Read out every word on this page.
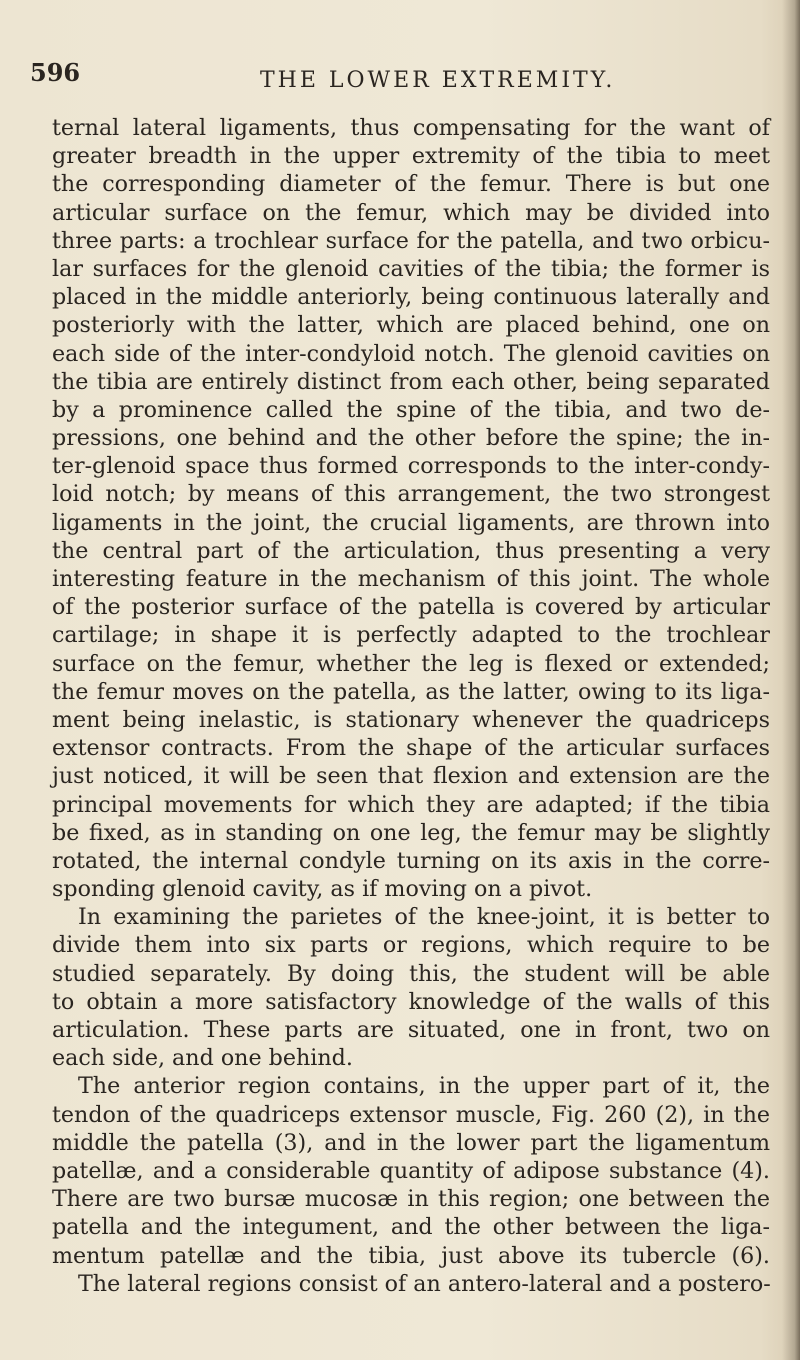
596	THE LOWER EXTREMITY.
ternal lateral ligaments, thus compensating for the want of
greater breadth in the upper extremity of the tibia to meet
the corresponding diameter of the femur. There is but one
articular surface on the femur, which may be divided into
three parts: a trochlear surface for the patella, and two orbicu-
lar surfaces for the glenoid cavities of the tibia; the former is
placed in the middle anteriorly, being continuous laterally and
posteriorly with the latter, which are placed behind, one on
each side of the inter-condyloid notch. The glenoid cavities on
the tibia are entirely distinct from each other, being separated
by a prominence called the spine of the tibia, and two de-
pressions, one behind and the other before the spine; the in-
ter-glenoid space thus formed corresponds to the inter-condy-
loid notch; by means of this arrangement, the two strongest
ligaments in the joint, the crucial ligaments, are thrown into
the central part of the articulation, thus presenting a very
interesting feature in the mechanism of this joint. The whole
of the posterior surface of the patella is covered by articular
cartilage; in shape it is perfectly adapted to the trochlear
surface on the femur, whether the leg is flexed or extended;
the femur moves on the patella, as the latter, owing to its liga-
ment being inelastic, is stationary whenever the quadriceps
extensor contracts. From the shape of the articular surfaces
just noticed, it will be seen that flexion and extension are the
principal movements for which they are adapted; if the tibia
be fixed, as in standing on one leg, the femur may be slightly
rotated, the internal condyle turning on its axis in the corre-
sponding glenoid cavity, as if moving on a pivot.
In examining the parietes of the knee-joint, it is better to
divide them into six parts or regions, which require to be
studied separately. By doing this, the student will be able
to obtain a more satisfactory knowledge of the walls of this
articulation. These parts are situated, one in front, two on
each side, and one behind.
The anterior region contains, in the upper part of it, the
tendon of the quadriceps extensor muscle, Fig. 260 (2), in the
middle the patella (3), and in the lower part the ligamentum
patellæ, and a considerable quantity of adipose substance (4).
There are two bursæ mucosæ in this region; one between the
patella and the integument, and the other between the liga-
mentum patellæ and the tibia, just above its tubercle (6).
The lateral regions consist of an antero-lateral and a postero-
